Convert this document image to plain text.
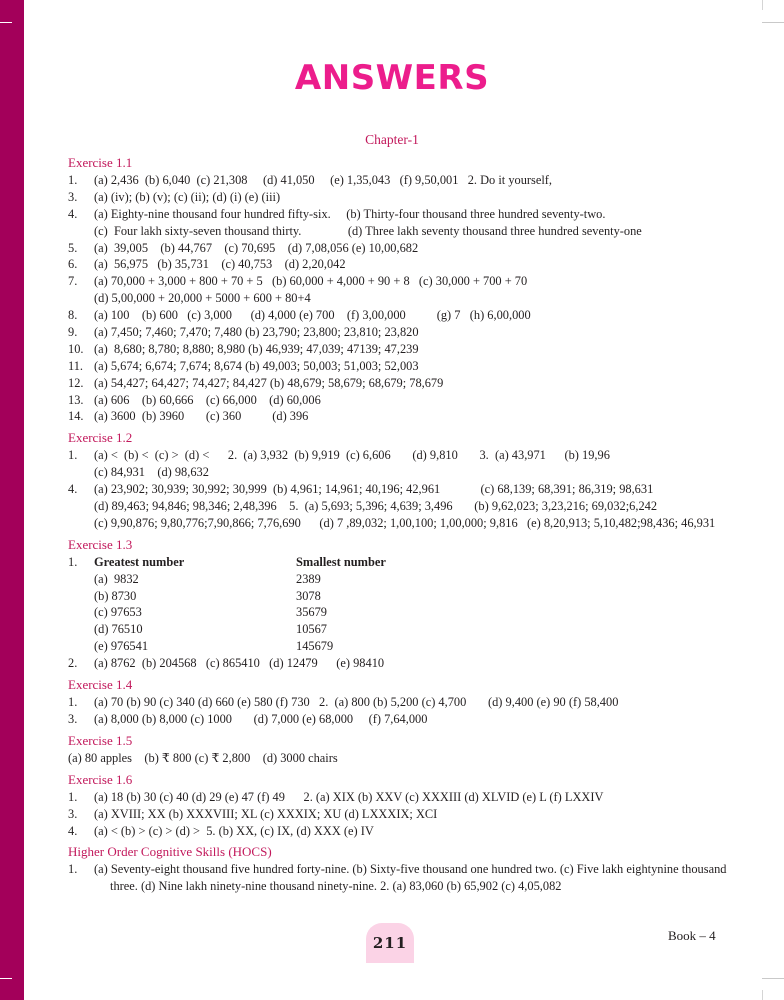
ANSWERS
Chapter-1
Exercise 1.1
1.	(a) 2,436  (b) 6,040  (c) 21,308     (d) 41,050     (e) 1,35,043   (f) 9,50,001   2. Do it yourself,
3.	(a) (iv); (b) (v); (c) (ii); (d) (i) (e) (iii)
4.	(a) Eighty-nine thousand four hundred fifty-six.     (b) Thirty-four thousand three hundred seventy-two.
(c)  Four lakh sixty-seven thousand thirty.               (d) Three lakh seventy thousand three hundred seventy-one
5.	(a)  39,005    (b) 44,767    (c) 70,695    (d) 7,08,056 (e) 10,00,682
6.	(a)  56,975   (b) 35,731    (c) 40,753    (d) 2,20,042
7.	(a) 70,000 + 3,000 + 800 + 70 + 5   (b) 60,000 + 4,000 + 90 + 8   (c) 30,000 + 700 + 70
(d) 5,00,000 + 20,000 + 5000 + 600 + 80+4
8.	(a) 100    (b) 600   (c) 3,000      (d) 4,000 (e) 700    (f) 3,00,000          (g) 7   (h) 6,00,000
9.	(a) 7,450; 7,460; 7,470; 7,480 (b) 23,790; 23,800; 23,810; 23,820
10. (a)  8,680; 8,780; 8,880; 8,980 (b) 46,939; 47,039; 47139; 47,239
11. (a) 5,674; 6,674; 7,674; 8,674 (b) 49,003; 50,003; 51,003; 52,003
12. (a) 54,427; 64,427; 74,427; 84,427 (b) 48,679; 58,679; 68,679; 78,679
13. (a) 606    (b) 60,666    (c) 66,000    (d) 60,006
14. (a) 3600  (b) 3960       (c) 360          (d) 396
Exercise 1.2
1.	(a) <  (b) <  (c) >  (d) <      2.  (a) 3,932  (b) 9,919  (c) 6,606       (d) 9,810       3.  (a) 43,971      (b) 19,96
(c) 84,931    (d) 98,632
4.	(a) 23,902; 30,939; 30,992; 30,999  (b) 4,961; 14,961; 40,196; 42,961             (c) 68,139; 68,391; 86,319; 98,631
(d) 89,463; 94,846; 98,346; 2,48,396    5.  (a) 5,693; 5,396; 4,639; 3,496       (b) 9,62,023; 3,23,216; 69,032;6,242
(c) 9,90,876; 9,80,776;7,90,866; 7,76,690      (d) 7 ,89,032; 1,00,100; 1,00,000; 9,816   (e) 8,20,913; 5,10,482;98,436; 46,931
Exercise 1.3
1.	Greatest number	Smallest number
(a)  9832	2389
(b) 8730	3078
(c) 97653	35679
(d) 76510	10567
(e) 976541	145679
2.	(a) 8762  (b) 204568   (c) 865410   (d) 12479      (e) 98410
Exercise 1.4
1.	(a) 70 (b) 90 (c) 340 (d) 660 (e) 580 (f) 730   2.  (a) 800 (b) 5,200 (c) 4,700       (d) 9,400 (e) 90 (f) 58,400
3.	(a) 8,000 (b) 8,000 (c) 1000       (d) 7,000 (e) 68,000     (f) 7,64,000
Exercise 1.5
(a) 80 apples    (b) ₹ 800 (c) ₹ 2,800    (d) 3000 chairs
Exercise 1.6
1.	(a) 18 (b) 30 (c) 40 (d) 29 (e) 47 (f) 49      2. (a) XIX (b) XXV (c) XXXIII (d) XLVID (e) L (f) LXXIV
3.	(a) XVIII; XX (b) XXXVIII; XL (c) XXXIX; XU (d) LXXXIX; XCI
4.	(a) < (b) > (c) > (d) >  5. (b) XX, (c) IX, (d) XXX (e) IV
Higher Order Cognitive Skills (HOCS)
1.	(a) Seventy-eight thousand five hundred forty-nine. (b) Sixty-five thousand one hundred two. (c) Five lakh eightynine thousand three. (d) Nine lakh ninety-nine thousand ninety-nine. 2. (a) 83,060 (b) 65,902 (c) 4,05,082
211	Book – 4
